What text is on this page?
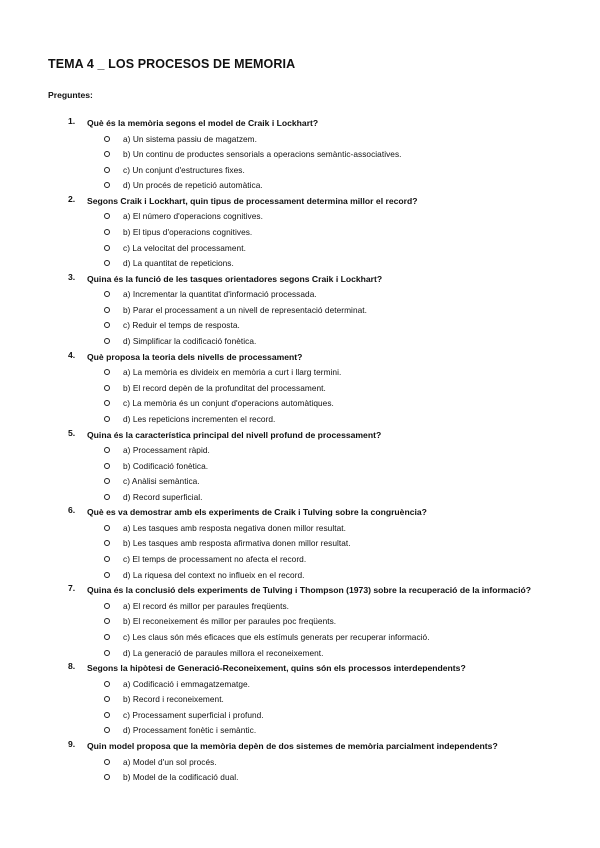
TEMA 4 _ LOS PROCESOS DE MEMORIA
Preguntes:
1. Què és la memòria segons el model de Craik i Lockhart?
a) Un sistema passiu de magatzem.
b) Un continu de productes sensorials a operacions semàntic-associatives.
c) Un conjunt d'estructures fixes.
d) Un procés de repetició automàtica.
2. Segons Craik i Lockhart, quin tipus de processament determina millor el record?
a) El número d'operacions cognitives.
b) El tipus d'operacions cognitives.
c) La velocitat del processament.
d) La quantitat de repeticions.
3. Quina és la funció de les tasques orientadores segons Craik i Lockhart?
a) Incrementar la quantitat d'informació processada.
b) Parar el processament a un nivell de representació determinat.
c) Reduir el temps de resposta.
d) Simplificar la codificació fonètica.
4. Què proposa la teoria dels nivells de processament?
a) La memòria es divideix en memòria a curt i llarg termini.
b) El record depèn de la profunditat del processament.
c) La memòria és un conjunt d'operacions automàtiques.
d) Les repeticions incrementen el record.
5. Quina és la característica principal del nivell profund de processament?
a) Processament ràpid.
b) Codificació fonètica.
c) Anàlisi semàntica.
d) Record superficial.
6. Què es va demostrar amb els experiments de Craik i Tulving sobre la congruència?
a) Les tasques amb resposta negativa donen millor resultat.
b) Les tasques amb resposta afirmativa donen millor resultat.
c) El temps de processament no afecta el record.
d) La riquesa del context no influeix en el record.
7. Quina és la conclusió dels experiments de Tulving i Thompson (1973) sobre la recuperació de la informació?
a) El record és millor per paraules freqüents.
b) El reconeixement és millor per paraules poc freqüents.
c) Les claus són més eficaces que els estímuls generats per recuperar informació.
d) La generació de paraules millora el reconeixement.
8. Segons la hipòtesi de Generació-Reconeixement, quins són els processos interdependents?
a) Codificació i emmagatzematge.
b) Record i reconeixement.
c) Processament superficial i profund.
d) Processament fonètic i semàntic.
9. Quin model proposa que la memòria depèn de dos sistemes de memòria parcialment independents?
a) Model d'un sol procés.
b) Model de la codificació dual.
